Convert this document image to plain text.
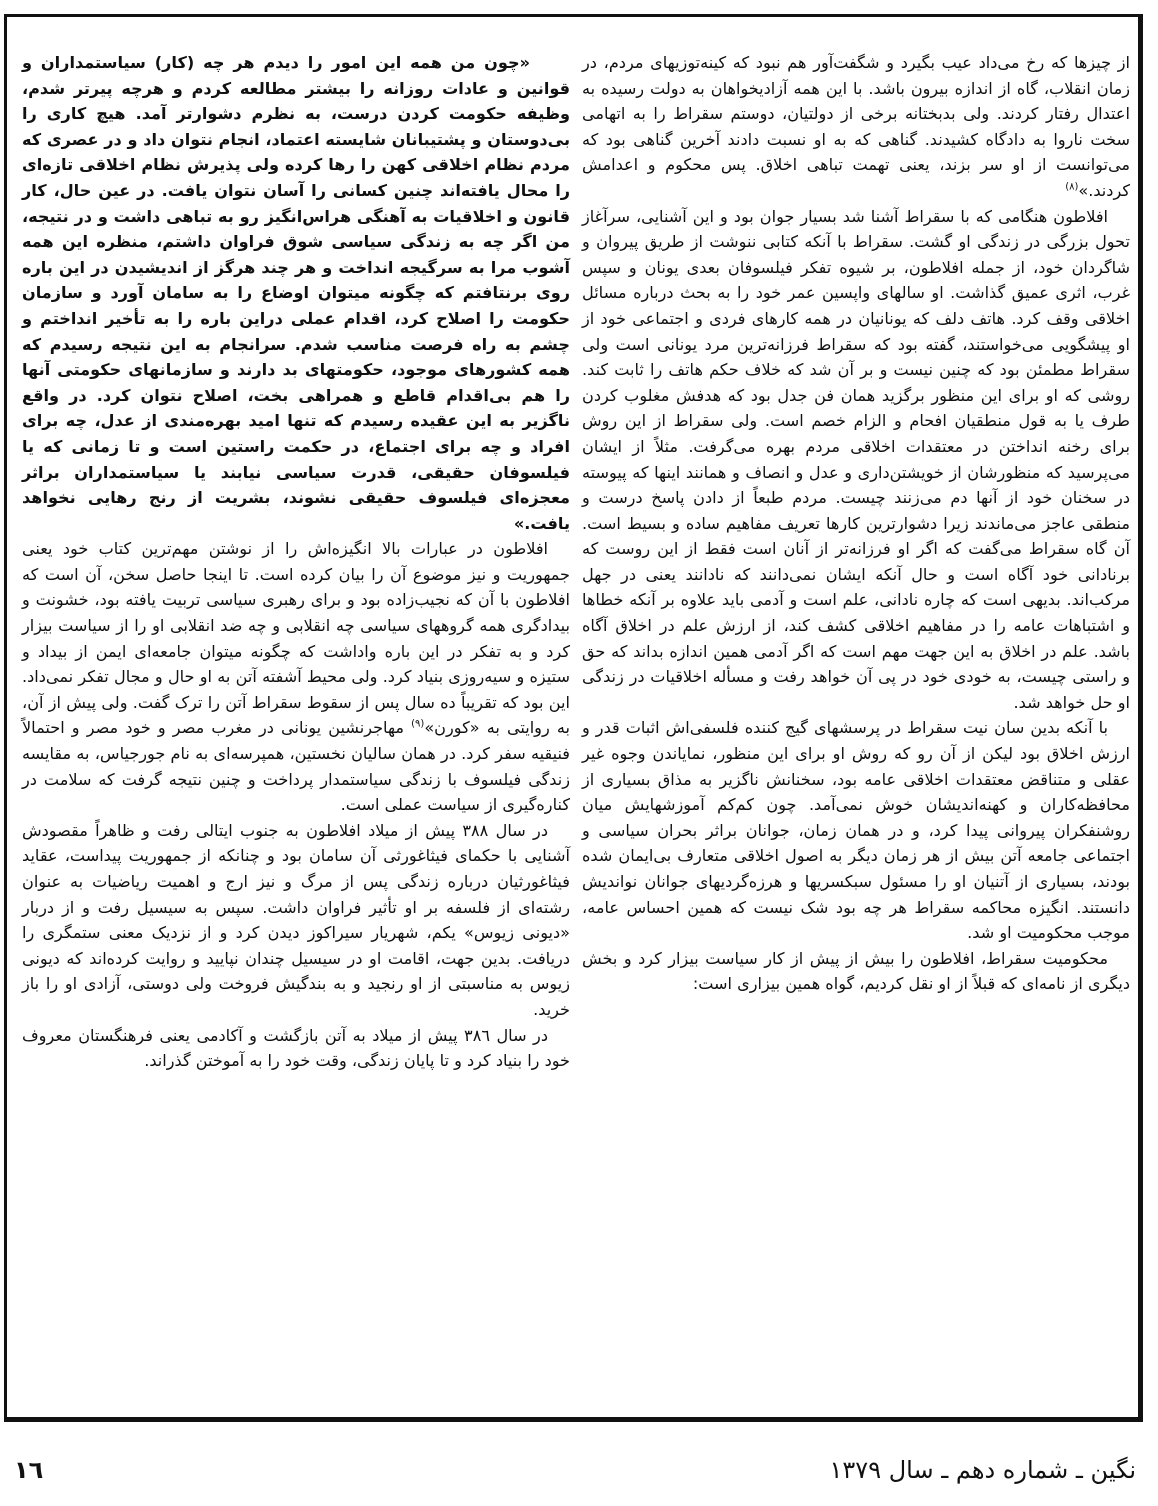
از چیزها که رخ می‌داد عیب بگیرد و شگفت‌آور هم نبود که کینه‌توزیهای مردم، در زمان انقلاب، گاه از اندازه بیرون باشد. با این همه آزادیخواهان به دولت رسیده به اعتدال رفتار کردند. ولی بدبختانه برخی از دولتیان، دوستم سقراط را به اتهامی سخت ناروا به دادگاه کشیدند. گناهی که به او نسبت دادند آخرین گناهی بود که می‌توانست از او سر بزند، یعنی تهمت تباهی اخلاق. پس محکوم و اعدامش کردند.»$^{(۸)}$

افلاطون هنگامی که با سقراط آشنا شد بسیار جوان بود و این آشنایی، سرآغاز تحول بزرگی در زندگی او گشت. سقراط با آنکه کتابی ننوشت از طریق پیروان و شاگردان خود، از جمله افلاطون، بر شیوه تفکر فیلسوفان بعدی یونان و سپس غرب، اثری عمیق گذاشت. او سالهای واپسین عمر خود را به بحث درباره مسائل اخلاقی وقف کرد. هاتف دلف که یونانیان در همه کارهای فردی و اجتماعی خود از او پیشگویی می‌خواستند، گفته بود که سقراط فرزانه‌ترین مرد یونانی است ولی سقراط مطمئن بود که چنین نیست و بر آن شد که خلاف حکم هاتف را ثابت کند. روشی که او برای این منظور برگزید همان فن جدل بود که هدفش مغلوب کردن طرف یا به قول منطقیان افحام و الزام خصم است. ولی سقراط از این روش برای رخنه انداختن در معتقدات اخلاقی مردم بهره می‌گرفت. مثلاً از ایشان می‌پرسید که منظورشان از خویشتن‌داری و عدل و انصاف و همانند اینها که پیوسته در سخنان خود از آنها دم می‌زنند چیست. مردم طبعاً از دادن پاسخ درست و منطقی عاجز می‌ماندند زیرا دشوارترین کارها تعریف مفاهیم ساده و بسیط است. آن گاه سقراط می‌گفت که اگر او فرزانه‌تر از آنان است فقط از این روست که برنادانی خود آگاه است و حال آنکه ایشان نمی‌دانند که نادانند یعنی در جهل مرکب‌اند. بدیهی است که چاره نادانی، علم است و آدمی باید علاوه بر آنکه خطاها و اشتباهات عامه را در مفاهیم اخلاقی کشف کند، از ارزش علم در اخلاق آگاه باشد. علم در اخلاق به این جهت مهم است که اگر آدمی همین اندازه بداند که حق و راستی چیست، به خودی خود در پی آن خواهد رفت و مسأله اخلاقیات در زندگی او حل خواهد شد.

با آنکه بدین سان نیت سقراط در پرسشهای گیج کننده فلسفی‌اش اثبات قدر و ارزش اخلاق بود لیکن از آن رو که روش او برای این منظور، نمایاندن وجوه غیر عقلی و متناقض معتقدات اخلاقی عامه بود، سخنانش ناگزیر به مذاق بسیاری از محافظه‌کاران و کهنه‌اندیشان خوش نمی‌آمد. چون کم‌کم آموزشهایش میان روشنفکران پیروانی پیدا کرد، و در همان زمان، جوانان براثر بحران سیاسی و اجتماعی جامعه آتن بیش از هر زمان دیگر به اصول اخلاقی متعارف بی‌ایمان شده بودند، بسیاری از آتنیان او را مسئول سبکسریها و هرزه‌گردیهای جوانان نواندیش دانستند. انگیزه محاکمه سقراط هر چه بود شک نیست که همین احساس عامه، موجب محکومیت او شد.

محکومیت سقراط، افلاطون را بیش از پیش از کار سیاست بیزار کرد و بخش دیگری از نامه‌ای که قبلاً از او نقل کردیم، گواه همین بیزاری است:

«چون من همه این امور را دیدم هر چه (کار) سیاستمداران و قوانین و عادات روزانه را بیشتر مطالعه کردم و هرچه پیرتر شدم، وظیفه حکومت کردن درست، به نظرم دشوارتر آمد. هیچ کاری را بی‌دوستان و پشتیبانان شایسته اعتماد، انجام نتوان داد و در عصری که مردم نظام اخلاقی کهن را رها کرده ولی پذیرش نظام اخلاقی تازه‌ای را محال یافته‌اند چنین کسانی را آسان نتوان یافت. در عین حال، کار قانون و اخلاقیات به آهنگی هراس‌انگیز رو به تباهی داشت و در نتیجه، من اگر چه به زندگی سیاسی شوق فراوان داشتم، منظره این همه آشوب مرا به سرگیجه انداخت و هر چند هرگز از اندیشیدن در این باره روی برنتافتم که چگونه میتوان اوضاع را به سامان آورد و سازمان حکومت را اصلاح کرد، اقدام عملی دراین باره را به تأخیر انداختم و چشم به راه فرصت مناسب شدم. سرانجام به این نتیجه رسیدم که همه کشورهای موجود، حکومتهای بد دارند و سازمانهای حکومتی آنها را هم بی‌اقدام قاطع و همراهی بخت، اصلاح نتوان کرد. در واقع ناگزیر به این عقیده رسیدم که تنها امید بهره‌مندی از عدل، چه برای افراد و چه برای اجتماع، در حکمت راستین است و تا زمانی که یا فیلسوفان حقیقی، قدرت سیاسی نیابند یا سیاستمداران براثر معجزه‌ای فیلسوف حقیقی نشوند، بشریت از رنج رهایی نخواهد یافت.»

افلاطون در عبارات بالا انگیزه‌اش را از نوشتن مهم‌ترین کتاب خود یعنی جمهوریت و نیز موضوع آن را بیان کرده است. تا اینجا حاصل سخن، آن است که افلاطون با آن که نجیب‌زاده بود و برای رهبری سیاسی تربیت یافته بود، خشونت و بیدادگری همه گروههای سیاسی چه انقلابی و چه ضد انقلابی او را از سیاست بیزار کرد و به تفکر در این باره واداشت که چگونه میتوان جامعه‌ای ایمن از بیداد و ستیزه و سیه‌روزی بنیاد کرد. ولی محیط آشفته آتن به او حال و مجال تفکر نمی‌داد. این بود که تقریباً ده سال پس از سقوط سقراط آتن را ترک گفت. ولی پیش از آن، به روایتی به «کورن»$^{(۹)}$ مهاجرنشین یونانی در مغرب مصر و خود مصر و احتمالاً فنیقیه سفر کرد. در همان سالیان نخستین، همپرسه‌ای به نام جورجیاس، به مقایسه زندگی فیلسوف با زندگی سیاستمدار پرداخت و چنین نتیجه گرفت که سلامت در کناره‌گیری از سیاست عملی است.

در سال ۳۸۸ پیش از میلاد افلاطون به جنوب ایتالی رفت و ظاهراً مقصودش آشنایی با حکمای فیثاغورثی آن سامان بود و چنانکه از جمهوریت پیداست، عقاید فیثاغورثیان درباره زندگی پس از مرگ و نیز ارج و اهمیت ریاضیات به عنوان رشته‌ای از فلسفه بر او تأثیر فراوان داشت. سپس به سیسیل رفت و از دربار «دیونی زیوس» یکم، شهریار سیراکوز دیدن کرد و از نزدیک معنی ستمگری را دریافت. بدین جهت، اقامت او در سیسیل چندان نپایید و روایت کرده‌اند که دیونی زیوس به مناسبتی از او رنجید و به بندگیش فروخت ولی دوستی، آزادی او را باز خرید.

در سال ۳۸٦ پیش از میلاد به آتن بازگشت و آکادمی یعنی فرهنگستان معروف خود را بنیاد کرد و تا پایان زندگی، وقت خود را به آموختن گذراند.

نگین ـ شماره دهم ـ سال ۱۳۷۹
۱٦
